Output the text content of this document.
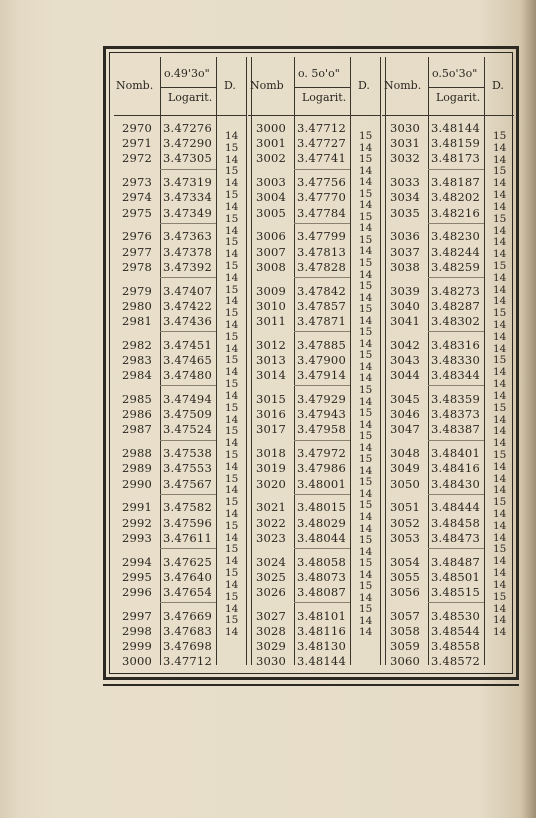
Nomb.
o.49'3o"
Logarit.
D.
2970 3.47276
2971 3.47290
2972 3.47305
2973 3.47319
2974 3.47334
2975 3.47349
2976 3.47363
2977 3.47378
2978 3.47392
2979 3.47407
2980 3.47422
2981 3.47436
2982 3.47451
2983 3.47465
2984 3.47480
2985 3.47494
2986 3.47509
2987 3.47524
2988 3.47538
2989 3.47553
2990 3.47567
2991 3.47582
2992 3.47596
2993 3.47611
2994 3.47625
2995 3.47640
2996 3.47654
2997 3.47669
2998 3.47683
2999 3.47698
3000 3.47712
14
15
14
15
14
15
14
15
14
15
14
15
14
15
14
15
14
15
14
15
14
15
14
15
14
15
14
15
14
15
14
15
14
15
14
15
14
15
14
15
14
15
14
Nomb
o. 5o'o"
Logarit.
D.
3000 3.47712
3001 3.47727
3002 3.47741
3003 3.47756
3004 3.47770
3005 3.47784
3006 3.47799
3007 3.47813
3008 3.47828
3009 3.47842
3010 3.47857
3011 3.47871
3012 3.47885
3013 3.47900
3014 3.47914
3015 3.47929
3016 3.47943
3017 3.47958
3018 3.47972
3019 3.47986
3020 3.48001
3021 3.48015
3022 3.48029
3023 3.48044
3024 3.48058
3025 3.48073
3026 3.48087
3027 3.48101
3028 3.48116
3029 3.48130
3030 3.48144
15
14
15
14
14
15
14
15
14
15
14
15
14
15
14
15
14
15
14
15
14
14
15
14
15
14
15
14
15
14
15
14
15
14
14
15
14
15
14
15
14
15
14
14
Nomb.
o.5o'3o"
Logarit.
D.
3030 3.48144
3031 3.48159
3032 3.48173
3033 3.48187
3034 3.48202
3035 3.48216
3036 3.48230
3037 3.48244
3038 3.48259
3039 3.48273
3040 3.48287
3041 3.48302
3042 3.48316
3043 3.48330
3044 3.48344
3045 3.48359
3046 3.48373
3047 3.48387
3048 3.48401
3049 3.48416
3050 3.48430
3051 3.48444
3052 3.48458
3053 3.48473
3054 3.48487
3055 3.48501
3056 3.48515
3057 3.48530
3058 3.48544
3059 3.48558
3060 3.48572
15
14
14
15
14
14
14
15
14
14
14
15
14
14
14
15
14
14
14
15
14
14
14
15
14
14
14
15
14
14
14
15
14
14
14
15
14
14
14
15
14
14
14
